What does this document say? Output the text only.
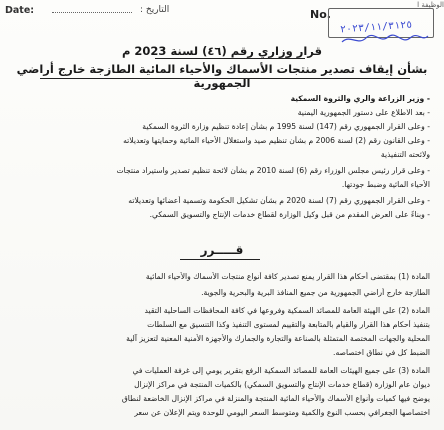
Date:	التاريخ :	الوظيفة ا
No.
٢٠٢٣/١١/٣١٢٥
قرار وزاري رقم (٤٦) لسنة 2023 م
بشأن إيقاف تصدير منتجات الأسماك والأحياء المائية الطازجة خارج أراضي الجمهورية
- وزير الزراعة والري والثروة السمكية
- بعد الاطلاع على دستور الجمهورية اليمنية
- وعلى القرار الجمهوري رقم (147) لسنة 1995 م بشأن إعادة تنظيم وزارة الثروة السمكية
- وعلى القانون رقم (2) لسنة 2006 م بشأن تنظيم صيد واستغلال الأحياء المائية وحمايتها وتعديلاته
ولائحته التنفيذية
- وعلى قرار رئيس مجلس الوزراء رقم (6) لسنة 2010 م بشأن لائحة تنظيم تصدير واستيراد منتجات
الأحياء المائية وضبط جودتها.
- وعلى القرار الجمهوري رقم (7) لسنة 2020 م بشأن تشكيل الحكومة وتسمية أعضائها وتعديلاته
- وبناءً على العرض المقدم من قبل وكيل الوزارة لقطاع خدمات الإنتاج والتسويق السمكي.
قـــــرر
المادة (1) بمقتضى أحكام هذا القرار يمنع تصدير كافة أنواع منتجات الأسماك والأحياء المائية
الطازجة خارج أراضي الجمهورية من جميع المنافذ البرية والبحرية والجوية.
المادة (2) على الهيئة العامة للمصائد السمكية وفروعها في كافة المحافظات الساحلية التقيد
بتنفيذ أحكام هذا القرار والقيام بالمتابعة والتقييم لمستوى التنفيذ وكذا التنسيق مع السلطات
المحلية والجهات المختصة المتمثلة بالصناعة والتجارة والجمارك والأجهزة الأمنية المعنية لتعزيز آلية
الضبط كل في نطاق اختصاصه.
المادة (3) على جميع الهيئات العامة للمصائد السمكية الرفع بتقرير يومي إلى غرفة العمليات في
ديوان عام الوزارة (قطاع خدمات الإنتاج والتسويق السمكي) بالكميات المنتجة في مراكز الإنزال
يوضح فيها كميات وأنواع الأسماك والأحياء المائية المنتجة والمنزلة في مراكز الإنزال الخاضعة لنطاق
اختصاصها الجغرافي بحسب النوع والكمية ومتوسط السعر اليومي للوحدة ويتم الإعلان عن سعر
